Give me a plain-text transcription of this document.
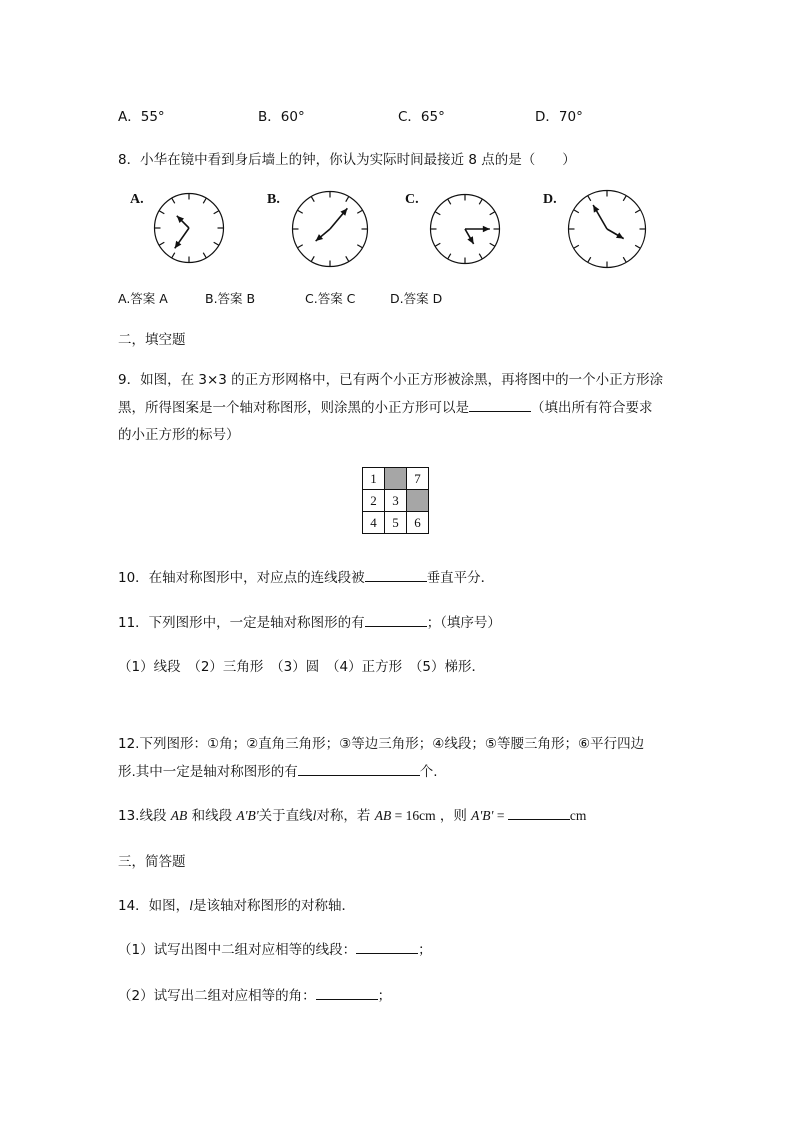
A．55°	B．60°	C．65°	D．70°
8．小华在镜中看到身后墙上的钟，你认为实际时间最接近 8 点的是（　　）
A.	B.	C.	D.
A.答案 A	B.答案 B	C.答案 C	D.答案 D
二，填空题
9．如图，在 3×3 的正方形网格中，已有两个小正方形被涂黑，再将图中的一个小正方形涂
黑，所得图案是一个轴对称图形，则涂黑的小正方形可以是	（填出所有符合要求
的小正方形的标号）
1		7
2	3	
4	5	6
10．在轴对称图形中，对应点的连线段被	垂直平分．
11．下列图形中，一定是轴对称图形的有	；（填序号）
（1）线段　（2）三角形　（3）圆　（4）正方形　（5）梯形．
12.下列图形：①角；②直角三角形；③等边三角形；④线段；⑤等腰三角形；⑥平行四边
形.其中一定是轴对称图形的有	个.
13.线段 AB 和线段 A'B'关于直线l对称，若 AB = 16cm ，则 A'B' =	cm
三，简答题
14．如图，l是该轴对称图形的对称轴．
（1）试写出图中二组对应相等的线段：	；
（2）试写出二组对应相等的角：	；
